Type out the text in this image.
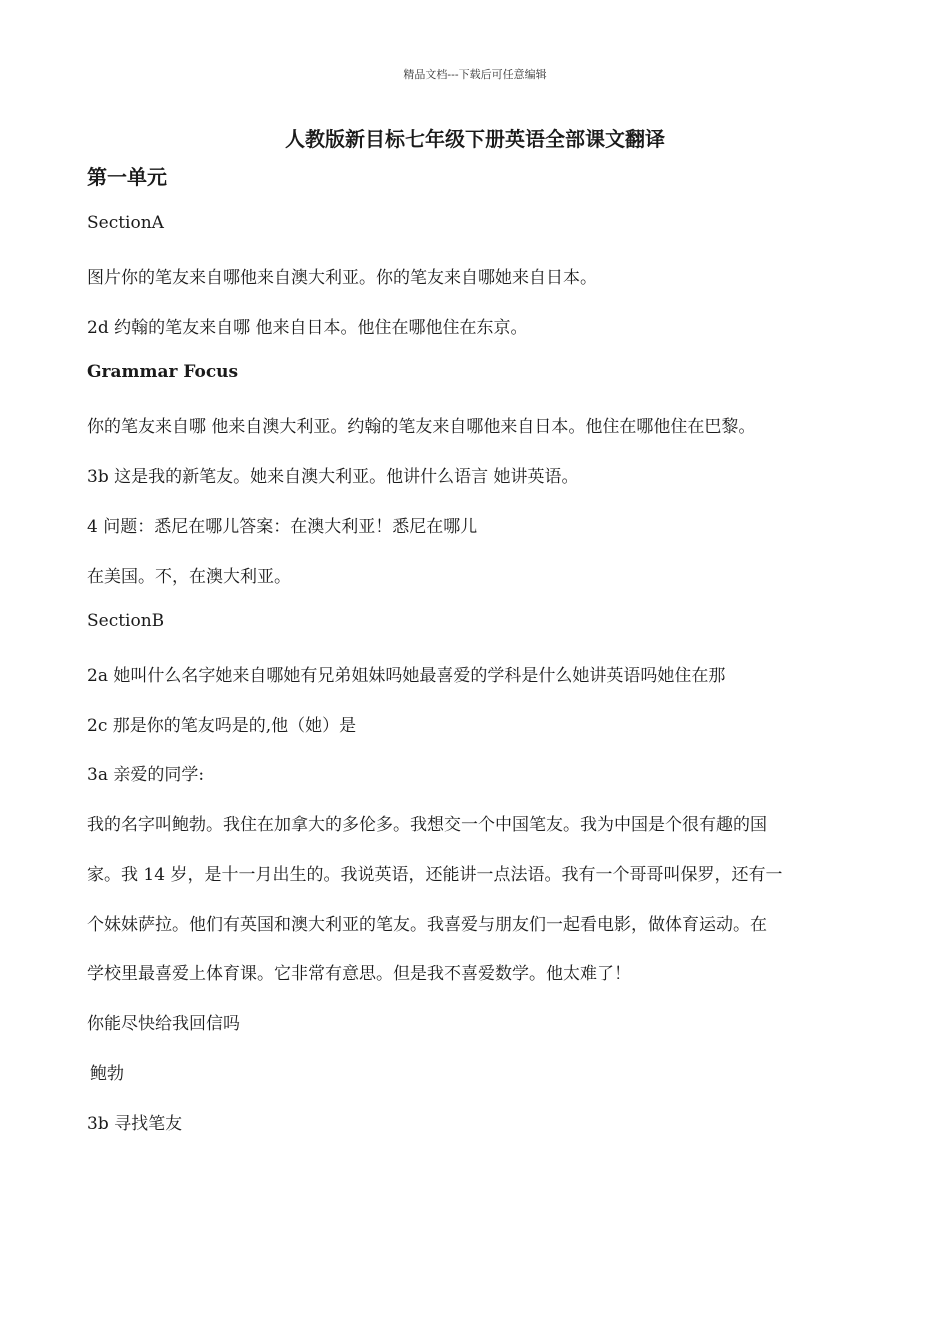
精品文档---下载后可任意编辑
人教版新目标七年级下册英语全部课文翻译
第一单元
SectionA
图片你的笔友来自哪他来自澳大利亚。你的笔友来自哪她来自日本。
2d 约翰的笔友来自哪 他来自日本。他住在哪他住在东京。
Grammar Focus
你的笔友来自哪 他来自澳大利亚。约翰的笔友来自哪他来自日本。他住在哪他住在巴黎。
3b 这是我的新笔友。她来自澳大利亚。他讲什么语言 她讲英语。
4 问题：悉尼在哪儿答案：在澳大利亚！悉尼在哪儿
在美国。不，在澳大利亚。
SectionB
2a 她叫什么名字她来自哪她有兄弟姐妹吗她最喜爱的学科是什么她讲英语吗她住在那
2c 那是你的笔友吗是的,他（她）是
3a 亲爱的同学:
我的名字叫鲍勃。我住在加拿大的多伦多。我想交一个中国笔友。我为中国是个很有趣的国
家。我 14 岁，是十一月出生的。我说英语，还能讲一点法语。我有一个哥哥叫保罗，还有一
个妹妹萨拉。他们有英国和澳大利亚的笔友。我喜爱与朋友们一起看电影，做体育运动。在
学校里最喜爱上体育课。它非常有意思。但是我不喜爱数学。他太难了！
你能尽快给我回信吗
鲍勃
3b 寻找笔友
